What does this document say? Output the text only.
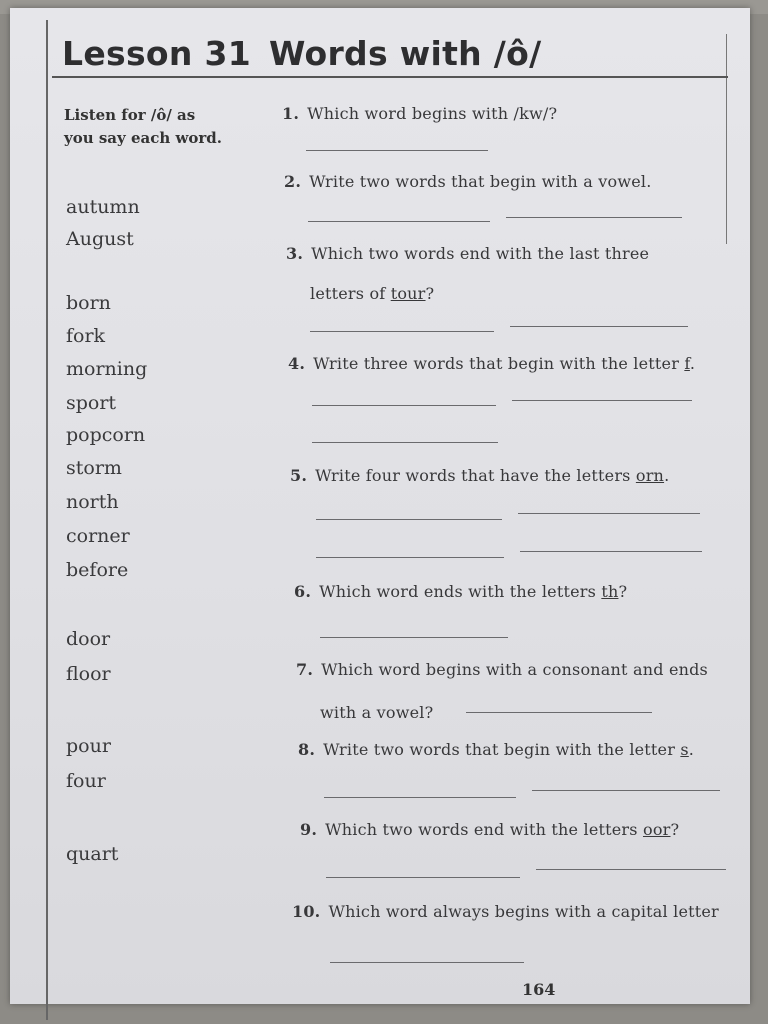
Lesson 31 Words with /ô/
Listen for /ô/ as you say each word.
autumn
August
born
fork
morning
sport
popcorn
storm
north
corner
before
door
floor
pour
four
quart
1. Which word begins with /kw/?
2. Write two words that begin with a vowel.
3. Which two words end with the last three
letters of tour?
4. Write three words that begin with the letter f.
5. Write four words that have the letters orn.
6. Which word ends with the letters th?
7. Which word begins with a consonant and ends
with a vowel?
8. Write two words that begin with the letter s.
9. Which two words end with the letters oor?
10. Which word always begins with a capital letter
164
